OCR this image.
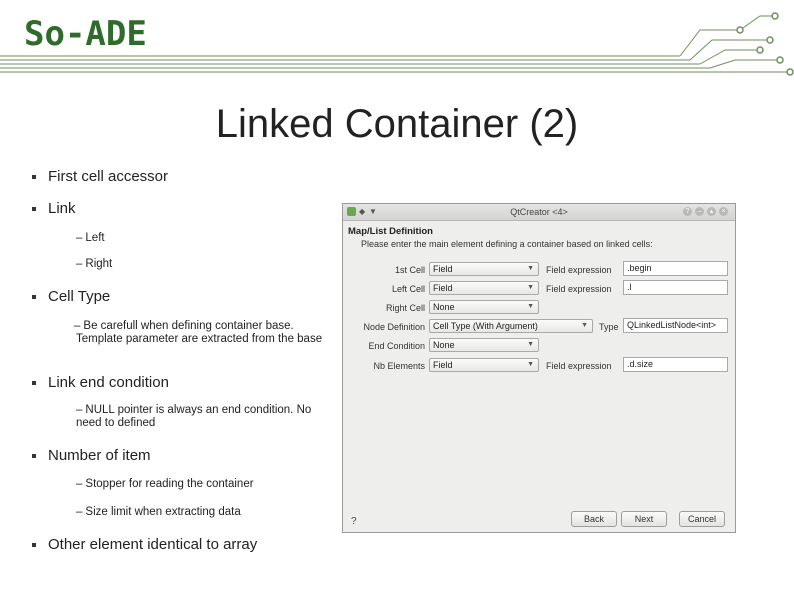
So-ADE
Linked Container (2)
First cell accessor
Link
– Left
– Right
Cell Type
– Be carefull when defining container base. Template parameter are extracted from the base
Link end condition
– NULL pointer is always an end condition. No need to defined
Number of item
– Stopper for reading the container
– Size limit when extracting data
Other element identical to array
◆ ▼	QtCreator <4>	?	–	▴	×
Map/List Definition
Please enter the main element defining a container based on linked cells:
1st Cell Field	▼ Field expression	.begin
Left Cell Field	▼ Field expression	.l
Right Cell None	▼
Node Definition Cell Type (With Argument)	▼ Type QLinkedListNode<int>
End Condition None	▼
Nb Elements Field	▼ Field expression	.d.size
?	Back	Next	Cancel
